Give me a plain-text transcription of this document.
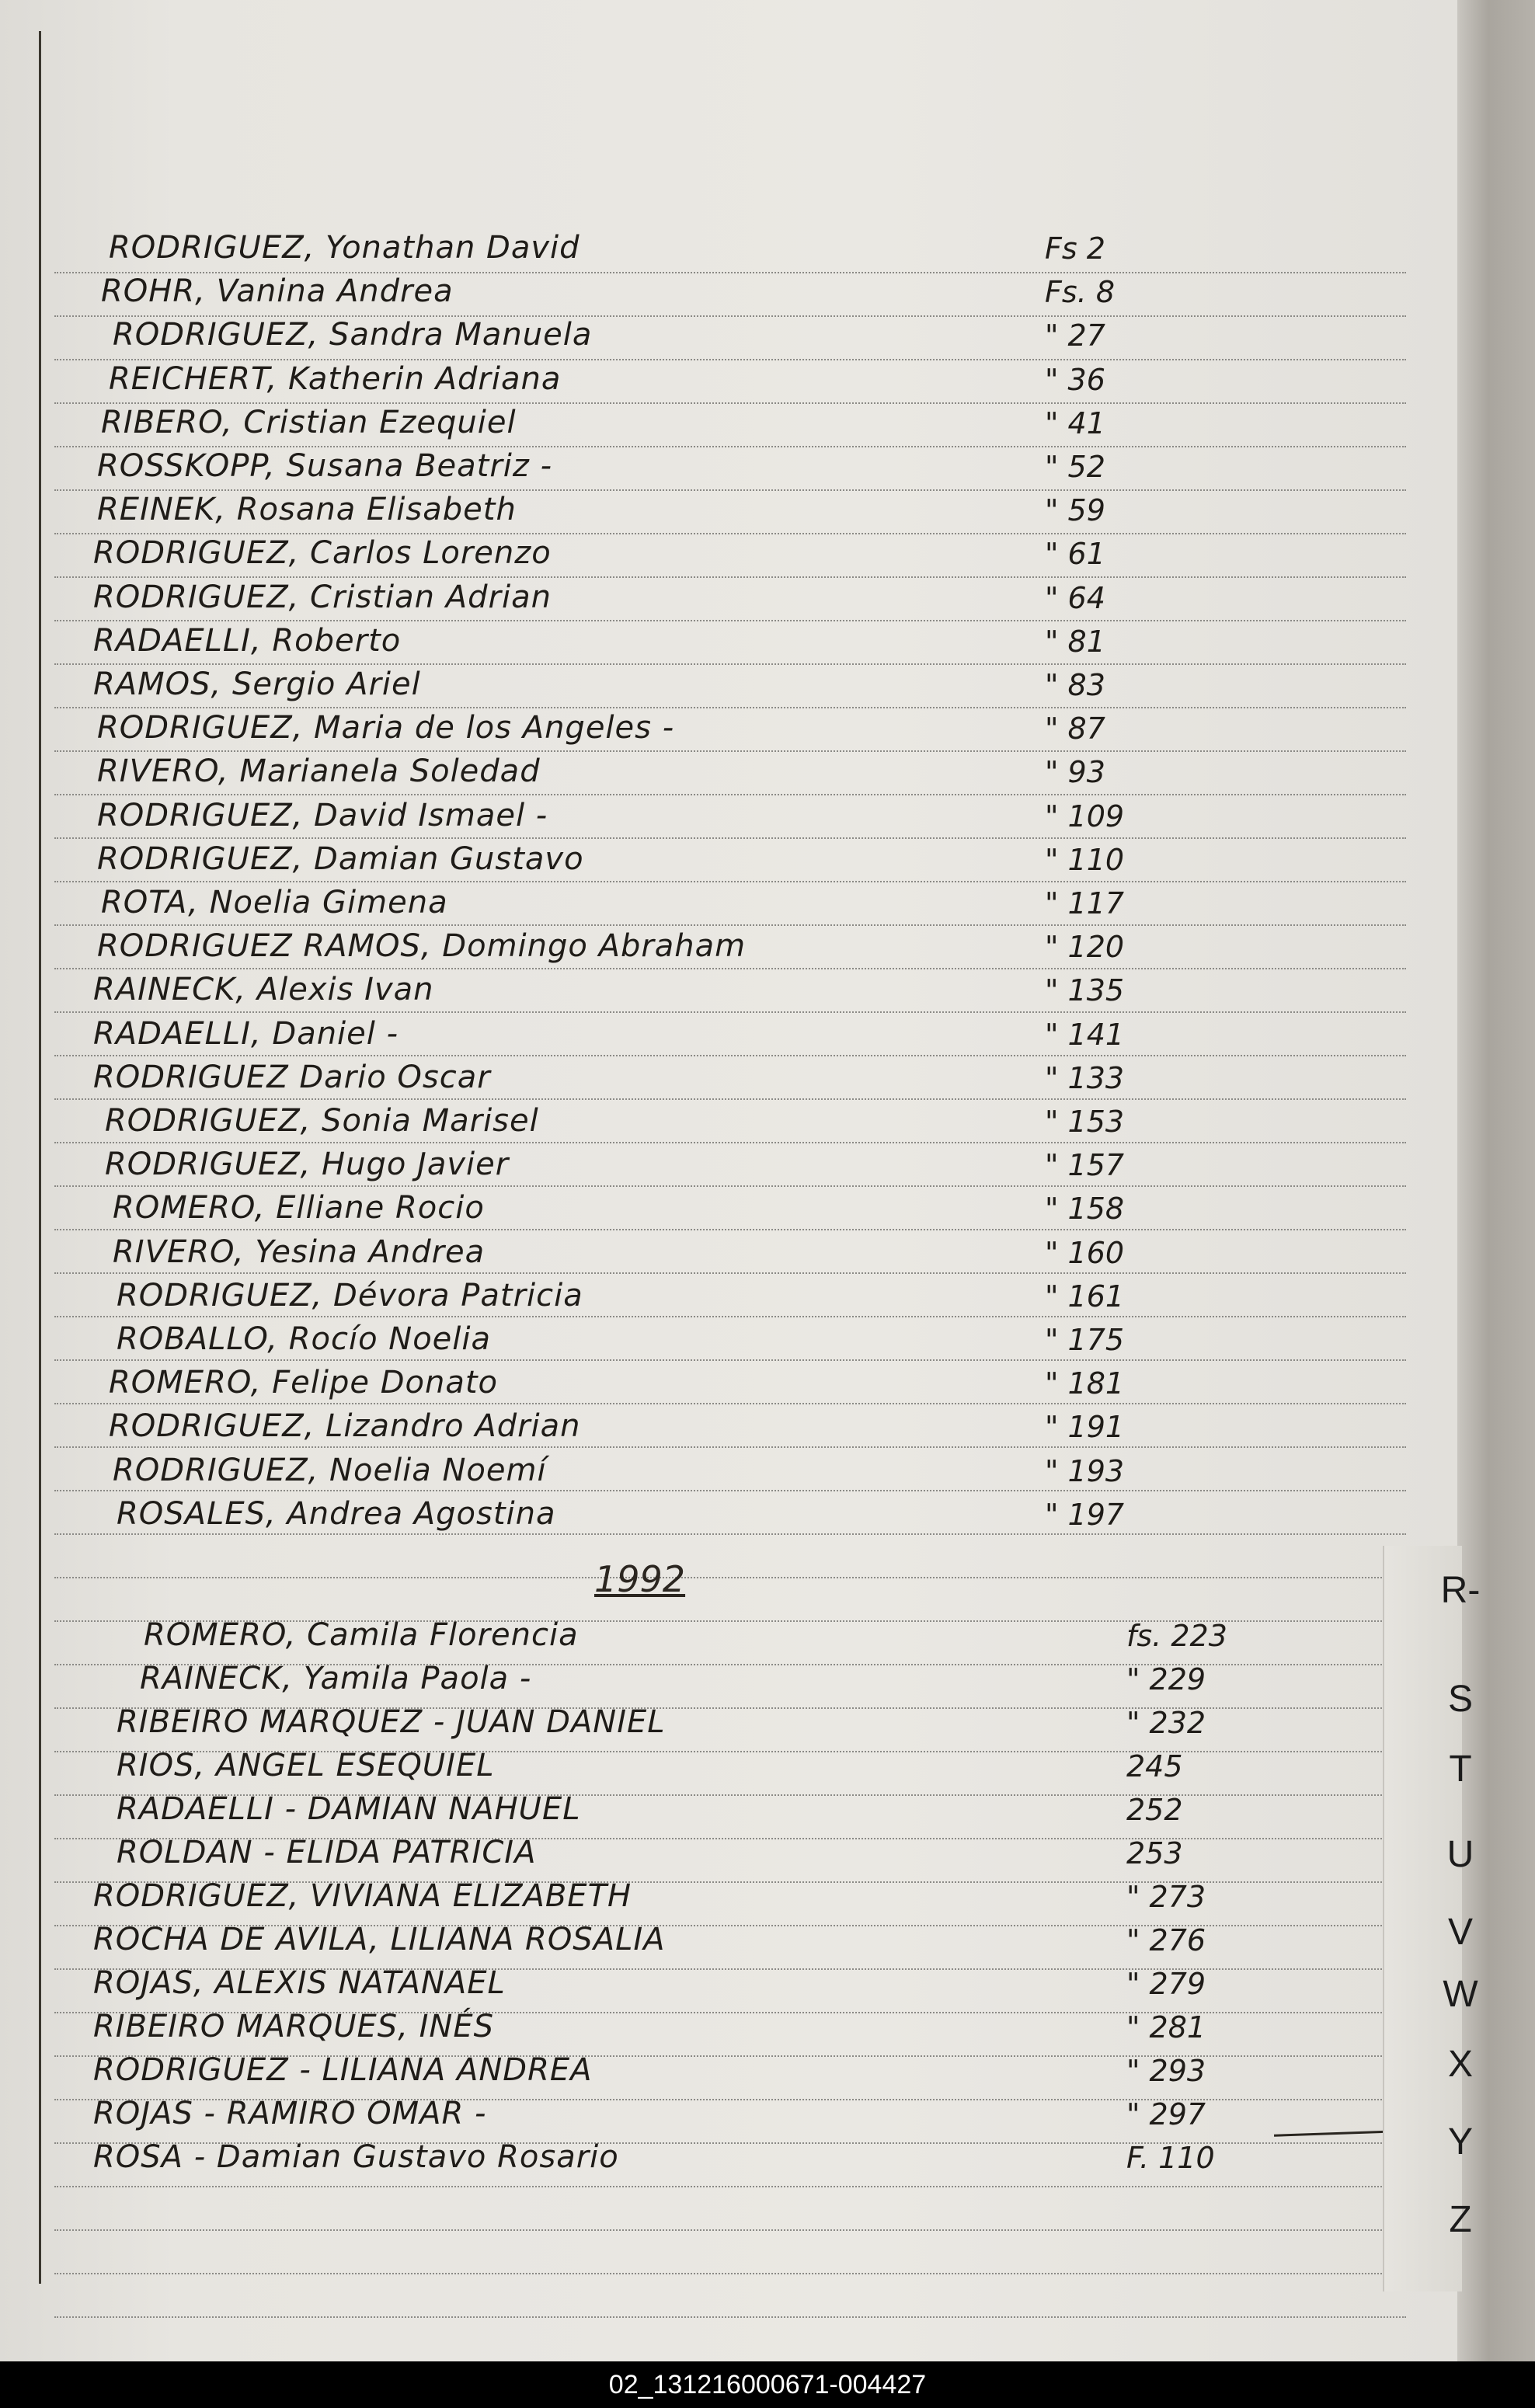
RODRIGUEZ, Yonathan David	Fs 2
ROHR, Vanina Andrea	Fs. 8
RODRIGUEZ, Sandra Manuela	" 27
REICHERT, Katherin Adriana	" 36
RIBERO, Cristian Ezequiel	" 41
ROSSKOPP, Susana Beatriz -	" 52
REINEK, Rosana Elisabeth	" 59
RODRIGUEZ, Carlos Lorenzo	" 61
RODRIGUEZ, Cristian Adrian	" 64
RADAELLI, Roberto	" 81
RAMOS, Sergio Ariel	" 83
RODRIGUEZ, Maria de los Angeles -	" 87
RIVERO, Marianela Soledad	" 93
RODRIGUEZ, David Ismael -	" 109
RODRIGUEZ, Damian Gustavo	" 110
ROTA, Noelia Gimena	" 117
RODRIGUEZ RAMOS, Domingo Abraham	" 120
RAINECK, Alexis Ivan	" 135
RADAELLI, Daniel -	" 141
RODRIGUEZ Dario Oscar	" 133
RODRIGUEZ, Sonia Marisel	" 153
RODRIGUEZ, Hugo Javier	" 157
ROMERO, Elliane Rocio	" 158
RIVERO, Yesina Andrea	" 160
RODRIGUEZ, Dévora Patricia	" 161
ROBALLO, Rocío Noelia	" 175
ROMERO, Felipe Donato	" 181
RODRIGUEZ, Lizandro Adrian	" 191
RODRIGUEZ, Noelia Noemí	" 193
ROSALES, Andrea Agostina	" 197
1992
ROMERO, Camila Florencia	fs. 223
RAINECK, Yamila Paola -	" 229
RIBEIRO MARQUEZ - JUAN DANIEL	" 232
RIOS, ANGEL ESEQUIEL	245
RADAELLI - DAMIAN NAHUEL	252
ROLDAN - ELIDA PATRICIA	253
RODRIGUEZ, VIVIANA ELIZABETH	" 273
ROCHA DE AVILA, LILIANA ROSALIA	" 276
ROJAS, ALEXIS NATANAEL	" 279
RIBEIRO MARQUES, INÉS	" 281
RODRIGUEZ - LILIANA ANDREA	" 293
ROJAS - RAMIRO OMAR -	" 297
ROSA - Damian Gustavo Rosario	F. 110
R-
S
T
U
V
W
X
Y
Z
02_131216000671-004427
